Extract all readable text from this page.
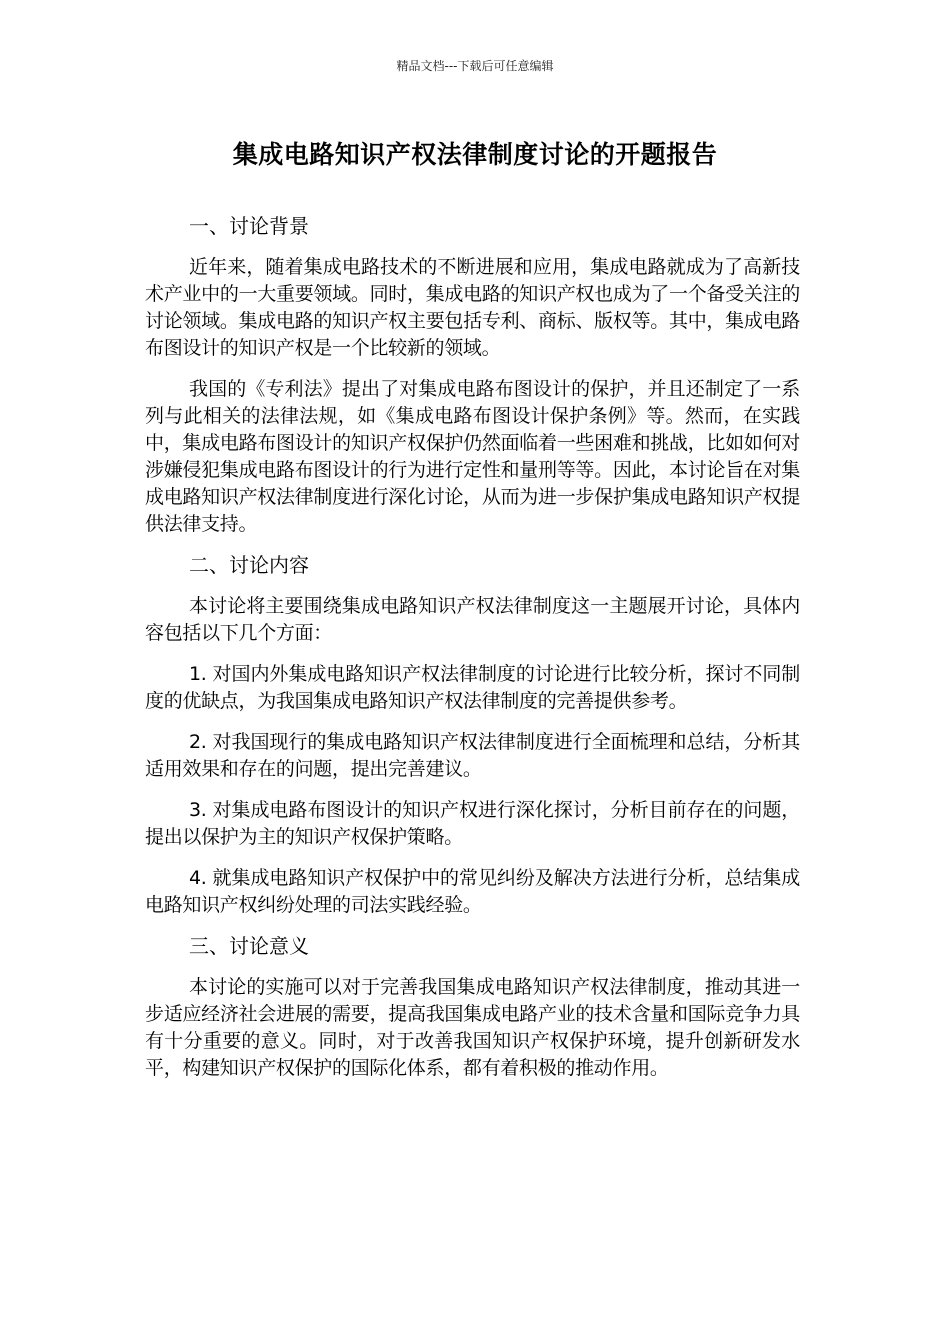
精品文档---下载后可任意编辑
集成电路知识产权法律制度讨论的开题报告
一、讨论背景

近年来，随着集成电路技术的不断进展和应用，集成电路就成为了高新技术产业中的一大重要领域。同时，集成电路的知识产权也成为了一个备受关注的讨论领域。集成电路的知识产权主要包括专利、商标、版权等。其中，集成电路布图设计的知识产权是一个比较新的领域。

我国的《专利法》提出了对集成电路布图设计的保护，并且还制定了一系列与此相关的法律法规，如《集成电路布图设计保护条例》等。然而，在实践中，集成电路布图设计的知识产权保护仍然面临着一些困难和挑战，比如如何对涉嫌侵犯集成电路布图设计的行为进行定性和量刑等等。因此，本讨论旨在对集成电路知识产权法律制度进行深化讨论，从而为进一步保护集成电路知识产权提供法律支持。

二、讨论内容

本讨论将主要围绕集成电路知识产权法律制度这一主题展开讨论，具体内容包括以下几个方面：

1. 对国内外集成电路知识产权法律制度的讨论进行比较分析，探讨不同制度的优缺点，为我国集成电路知识产权法律制度的完善提供参考。

2. 对我国现行的集成电路知识产权法律制度进行全面梳理和总结，分析其适用效果和存在的问题，提出完善建议。

3. 对集成电路布图设计的知识产权进行深化探讨，分析目前存在的问题，提出以保护为主的知识产权保护策略。

4. 就集成电路知识产权保护中的常见纠纷及解决方法进行分析，总结集成电路知识产权纠纷处理的司法实践经验。

三、讨论意义

本讨论的实施可以对于完善我国集成电路知识产权法律制度，推动其进一步适应经济社会进展的需要，提高我国集成电路产业的技术含量和国际竞争力具有十分重要的意义。同时，对于改善我国知识产权保护环境，提升创新研发水平，构建知识产权保护的国际化体系，都有着积极的推动作用。
